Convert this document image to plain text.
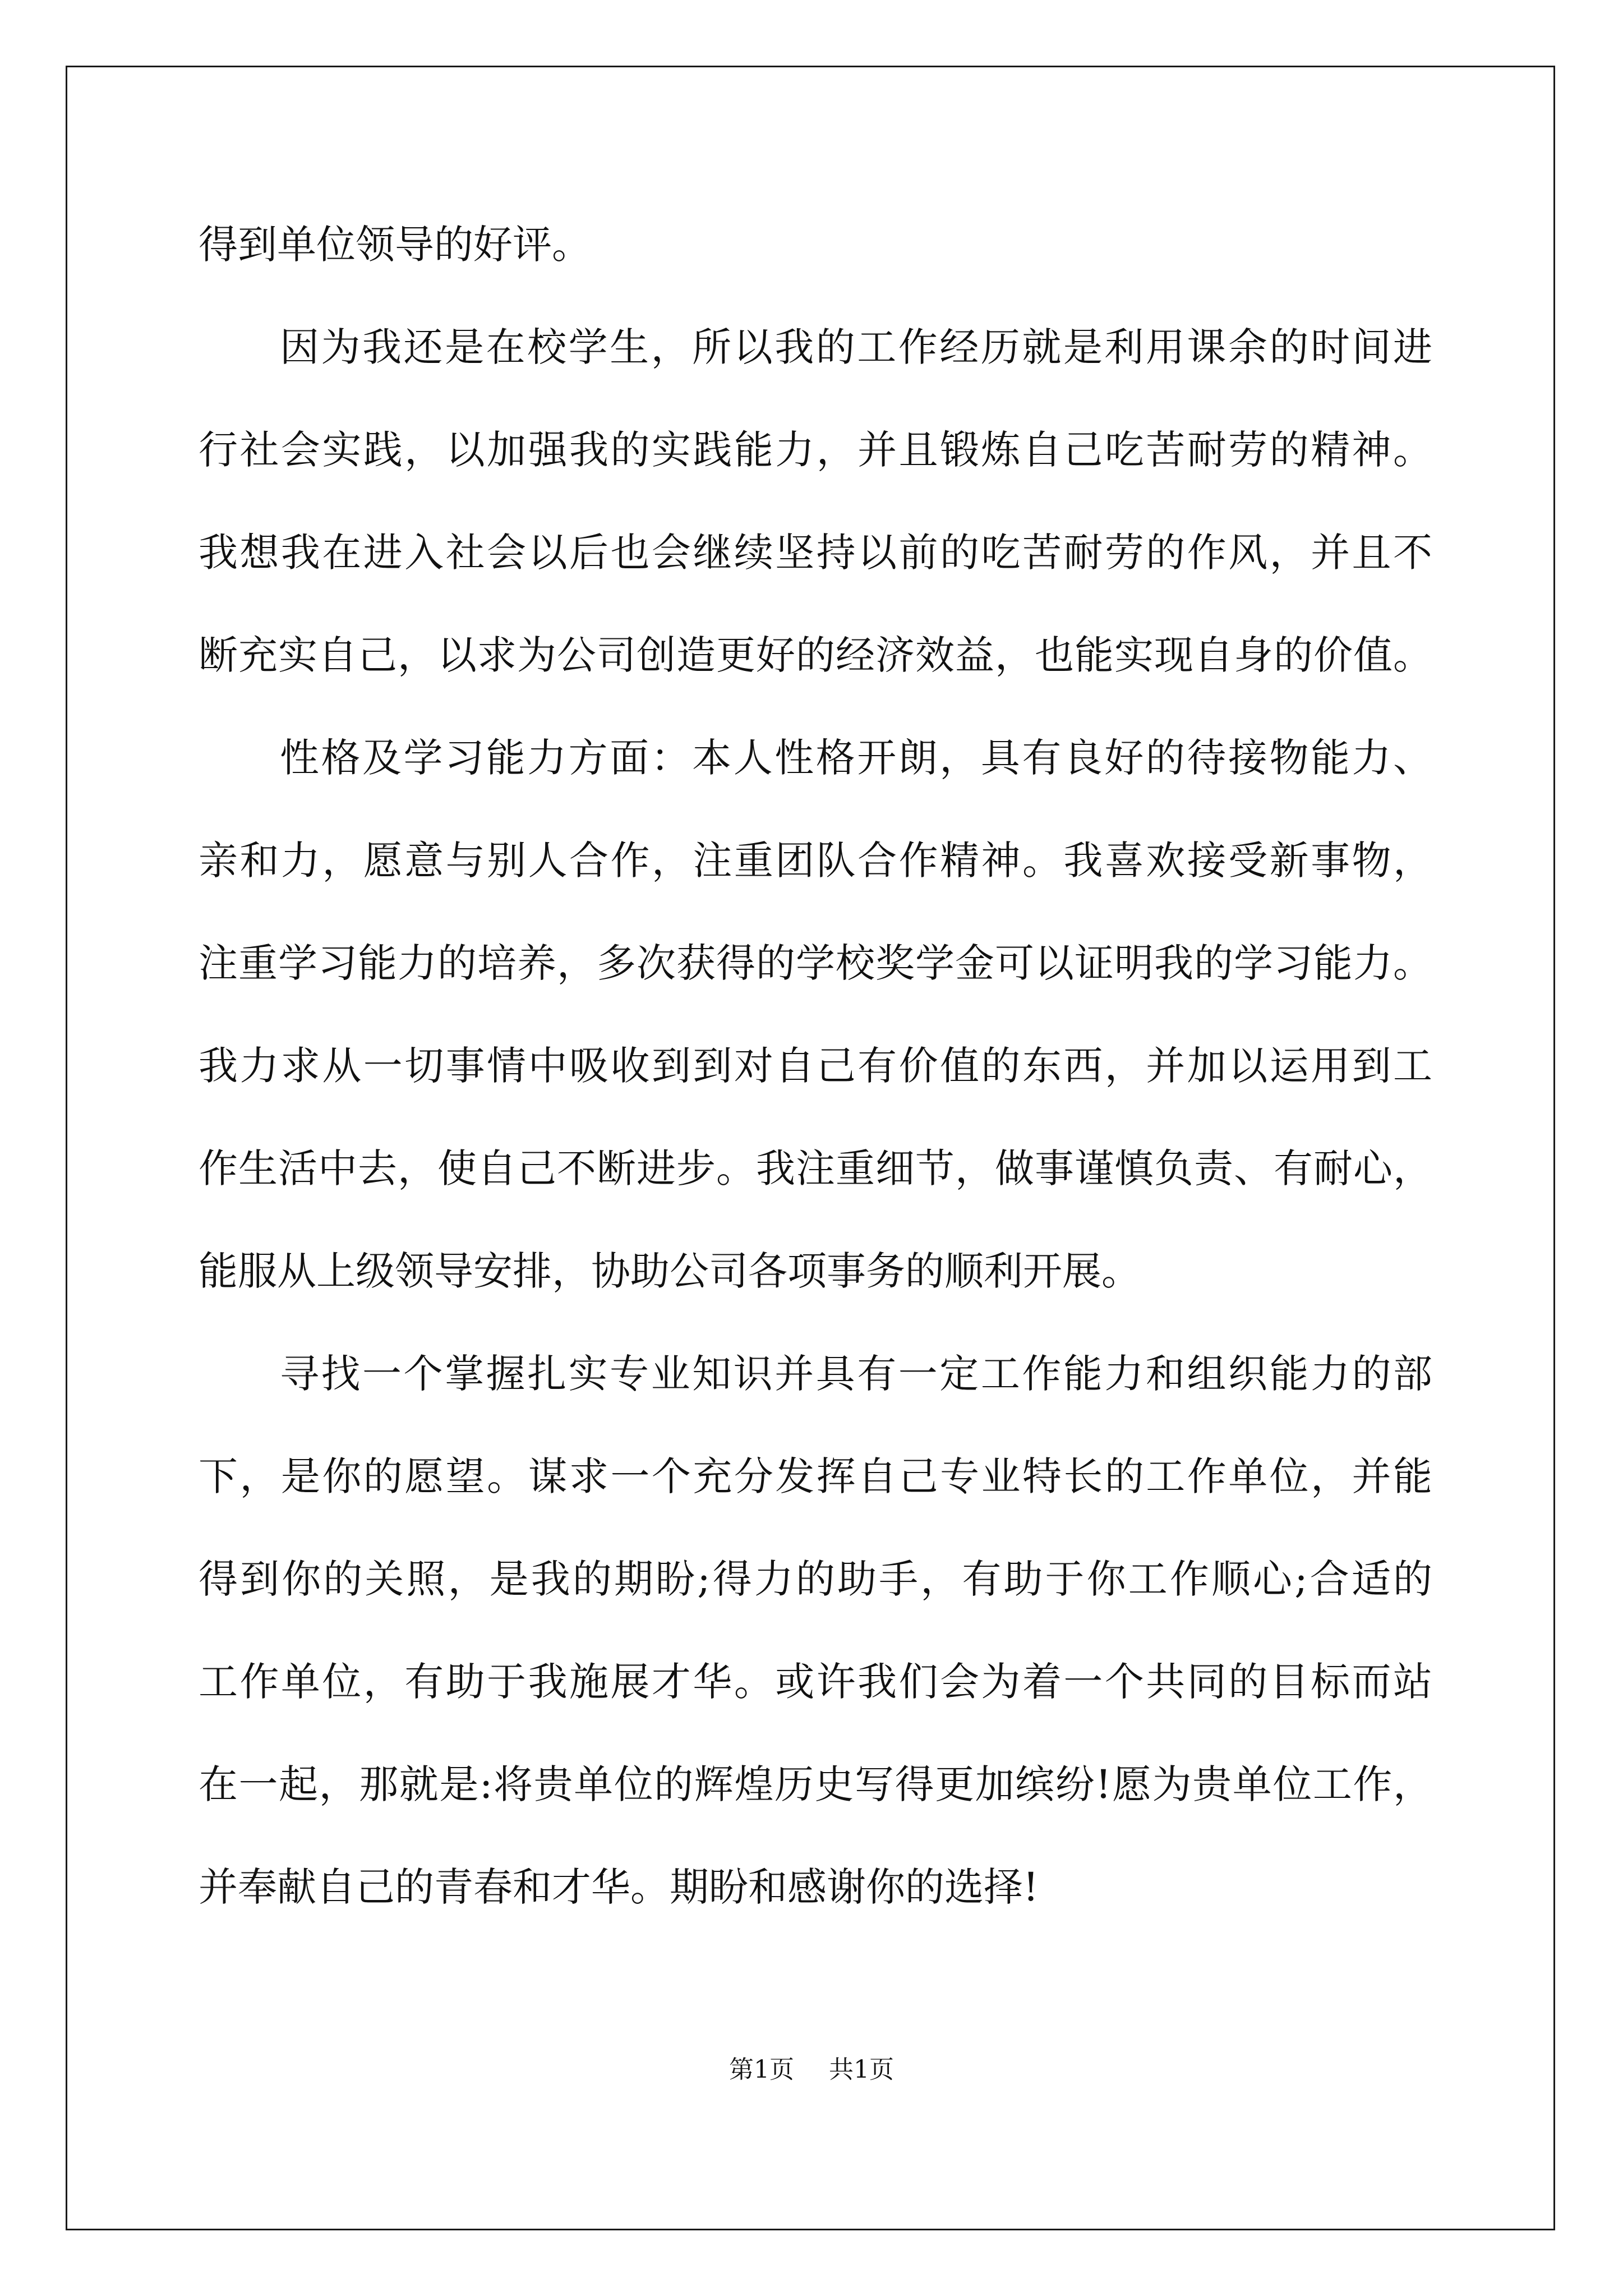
得到单位领导的好评。
因为我还是在校学生，所以我的工作经历就是利用课余的时间进
行社会实践，以加强我的实践能力，并且锻炼自己吃苦耐劳的精神。
我想我在进入社会以后也会继续坚持以前的吃苦耐劳的作风，并且不
断充实自己，以求为公司创造更好的经济效益，也能实现自身的价值。
性格及学习能力方面：本人性格开朗，具有良好的待接物能力、
亲和力，愿意与别人合作，注重团队合作精神。我喜欢接受新事物，
注重学习能力的培养，多次获得的学校奖学金可以证明我的学习能力。
我力求从一切事情中吸收到到对自己有价值的东西，并加以运用到工
作生活中去，使自己不断进步。我注重细节，做事谨慎负责、有耐心，
能服从上级领导安排，协助公司各项事务的顺利开展。
寻找一个掌握扎实专业知识并具有一定工作能力和组织能力的部
下，是你的愿望。谋求一个充分发挥自己专业特长的工作单位，并能
得到你的关照，是我的期盼;得力的助手，有助于你工作顺心;合适的
工作单位，有助于我施展才华。或许我们会为着一个共同的目标而站
在一起，那就是:将贵单位的辉煌历史写得更加缤纷!愿为贵单位工作，
并奉献自己的青春和才华。期盼和感谢你的选择!
第1页 共1页
